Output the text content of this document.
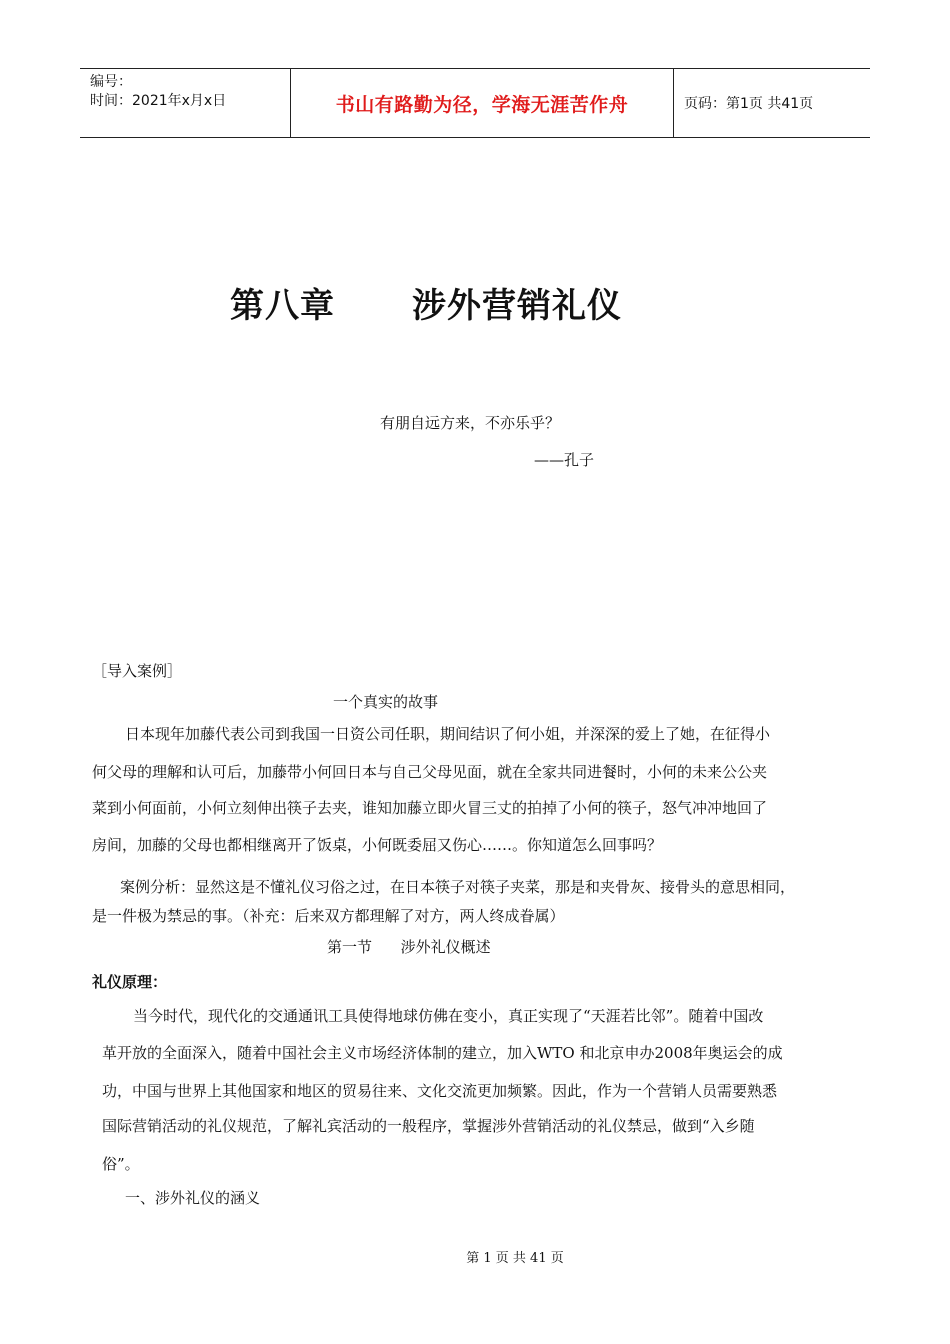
编号：
时间：2021年x月x日	书山有路勤为径，学海无涯苦作舟	页码：第1页 共41页
第八章      涉外营销礼仪
有朋自远方来，不亦乐乎？
——孔子
［导入案例］
一个真实的故事
日本现年加藤代表公司到我国一日资公司任职，期间结识了何小姐，并深深的爱上了她，在征得小
何父母的理解和认可后，加藤带小何回日本与自己父母见面，就在全家共同进餐时，小何的未来公公夹
菜到小何面前，小何立刻伸出筷子去夹，谁知加藤立即火冒三丈的拍掉了小何的筷子，怒气冲冲地回了
房间，加藤的父母也都相继离开了饭桌，小何既委屈又伤心……。你知道怎么回事吗？
案例分析：显然这是不懂礼仪习俗之过，在日本筷子对筷子夹菜，那是和夹骨灰、接骨头的意思相同，
是一件极为禁忌的事。（补充：后来双方都理解了对方，两人终成眷属）
第一节      涉外礼仪概述
礼仪原理：
当今时代，现代化的交通通讯工具使得地球仿佛在变小，真正实现了“天涯若比邻”。随着中国改
革开放的全面深入，随着中国社会主义市场经济体制的建立，加入WTO 和北京申办2008年奥运会的成
功，中国与世界上其他国家和地区的贸易往来、文化交流更加频繁。因此，作为一个营销人员需要熟悉
国际营销活动的礼仪规范，了解礼宾活动的一般程序，掌握涉外营销活动的礼仪禁忌，做到“入乡随
俗”。
一、涉外礼仪的涵义
第 1 页 共 41 页
